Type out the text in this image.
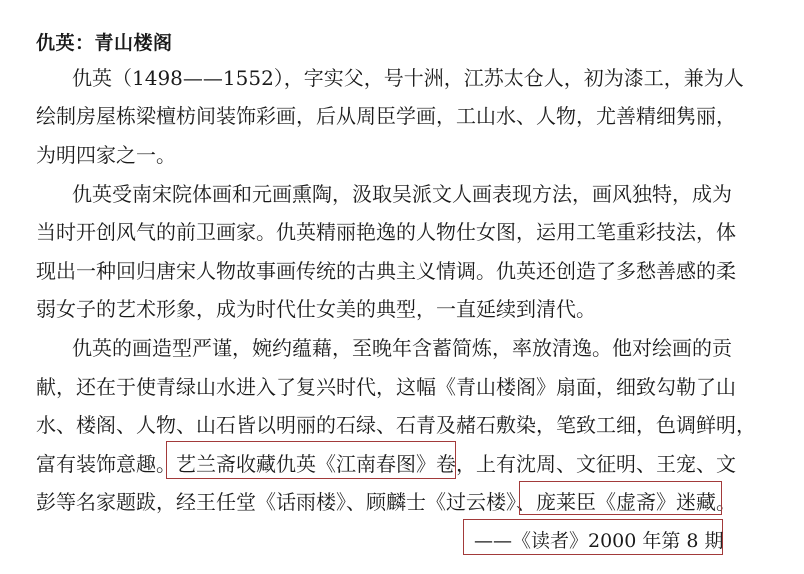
仇英：青山楼阁
仇英（1498——1552），字实父，号十洲，江苏太仓人，初为漆工，兼为人
绘制房屋栋梁檀枋间装饰彩画，后从周臣学画，工山水、人物，尤善精细隽丽，
为明四家之一。
仇英受南宋院体画和元画熏陶，汲取吴派文人画表现方法，画风独特，成为
当时开创风气的前卫画家。仇英精丽艳逸的人物仕女图，运用工笔重彩技法，体
现出一种回归唐宋人物故事画传统的古典主义情调。仇英还创造了多愁善感的柔
弱女子的艺术形象，成为时代仕女美的典型，一直延续到清代。
仇英的画造型严谨，婉约蕴藉，至晚年含蓄简炼，率放清逸。他对绘画的贡
献，还在于使青绿山水进入了复兴时代，这幅《青山楼阁》扇面，细致勾勒了山
水、楼阁、人物、山石皆以明丽的石绿、石青及赭石敷染，笔致工细，色调鲜明，
富有装饰意趣。艺兰斋收藏仇英《江南春图》卷，上有沈周、文征明、王宠、文
彭等名家题跋，经王任堂《话雨楼》、顾麟士《过云楼》、庞莱臣《虚斋》迷藏。
——《读者》2000 年第 8 期
